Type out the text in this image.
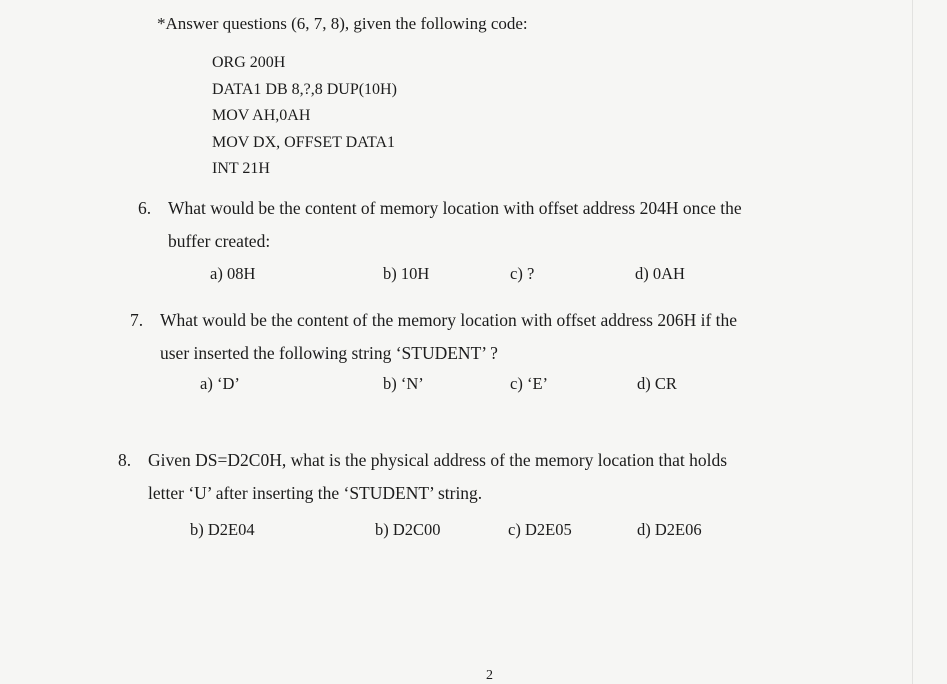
*Answer questions (6, 7, 8), given the following code:
ORG 200H
DATA1 DB 8,?,8 DUP(10H)
MOV AH,0AH
MOV DX, OFFSET DATA1
INT 21H
6. What would be the content of memory location with offset address 204H once the
buffer created:
a) 08H	b) 10H	c) ?	d) 0AH
7. What would be the content of the memory location with offset address 206H if the
user inserted the following string ‘STUDENT’ ?
a) ‘D’	b) ‘N’	c) ‘E’	d) CR
8. Given DS=D2C0H, what is the physical address of the memory location that holds
letter ‘U’ after inserting the ‘STUDENT’ string.
b) D2E04	b) D2C00	c) D2E05	d) D2E06
2
